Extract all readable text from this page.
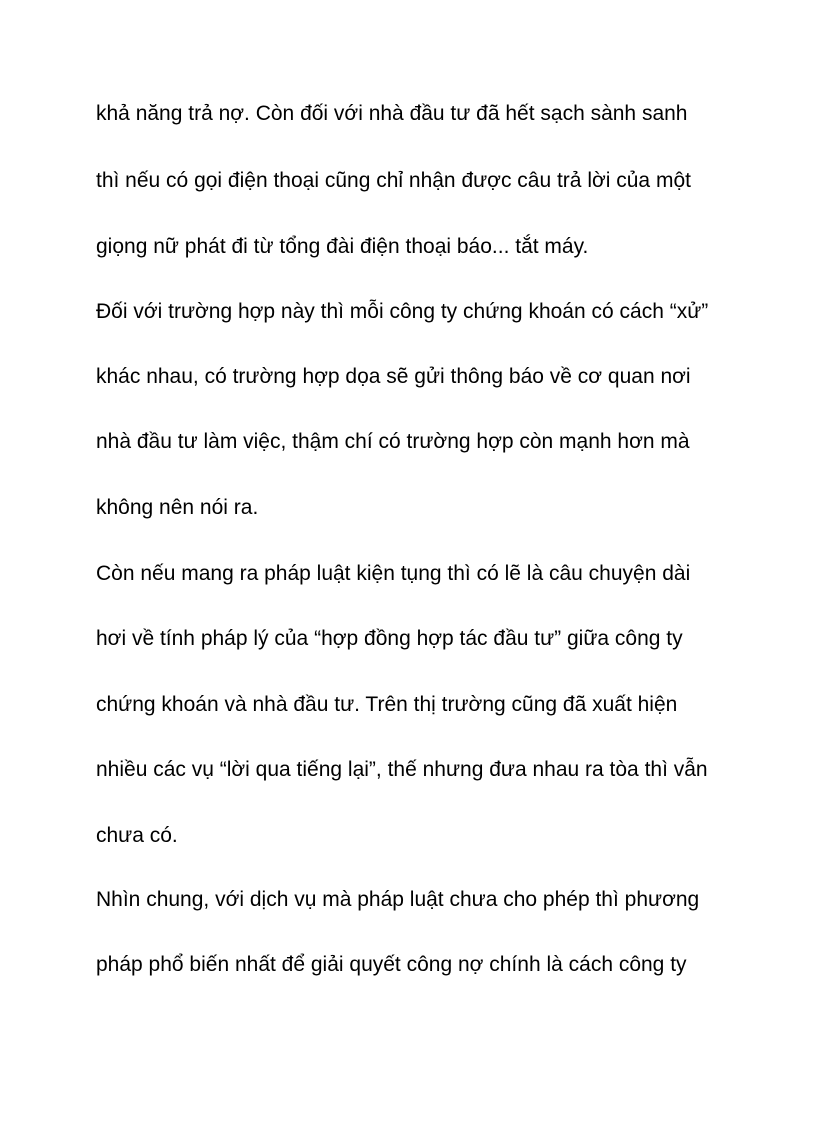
khả năng trả nợ. Còn đối với nhà đầu tư đã hết sạch sành sanh
thì nếu có gọi điện thoại cũng chỉ nhận được câu trả lời của một
giọng nữ phát đi từ tổng đài điện thoại báo... tắt máy.
Đối với trường hợp này thì mỗi công ty chứng khoán có cách “xử”
khác nhau, có trường hợp dọa sẽ gửi thông báo về cơ quan nơi
nhà đầu tư làm việc, thậm chí có trường hợp còn mạnh hơn mà
không nên nói ra.
Còn nếu mang ra pháp luật kiện tụng thì có lẽ là câu chuyện dài
hơi về tính pháp lý của “hợp đồng hợp tác đầu tư” giữa công ty
chứng khoán và nhà đầu tư. Trên thị trường cũng đã xuất hiện
nhiều các vụ “lời qua tiếng lại”, thế nhưng đưa nhau ra tòa thì vẫn
chưa có.
Nhìn chung, với dịch vụ mà pháp luật chưa cho phép thì phương
pháp phổ biến nhất để giải quyết công nợ chính là cách công ty
